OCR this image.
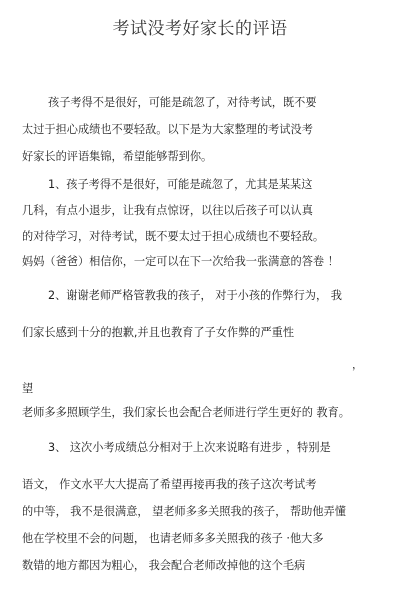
考试没考好家长的评语
孩子考得不是很好，可能是疏忽了，对待考试，既不要
太过于担心成绩也不要轻敌。以下是为大家整理的考试没考
好家长的评语集锦，希望能够帮到你。
1、孩子考得不是很好，可能是疏忽了，尤其是某某这
几科，有点小退步，让我有点惊讶，以往以后孩子可以认真
的对待学习，对待考试，既不要太过于担心成绩也不要轻敌。
妈妈（爸爸）相信你，一定可以在下一次给我一张满意的答卷 ！
2、谢谢老师严格管教我的孩子， 对于小孩的作弊行为， 我
们家长感到十分的抱歉,并且也教育了子女作弊的严重性
，
望
老师多多照顾学生，我们家长也会配合老师进行学生更好的 教育。
3、 这次小考成绩总分相对于上次来说略有进步 ，特别是
语文， 作文水平大大提高了希望再接再我的孩子这次考试考
的中等， 我不是很满意， 望老师多多关照我的孩子， 帮助他弄懂
他在学校里不会的问题， 也请老师多多关照我的孩子 ·他大多
数错的地方都因为粗心， 我会配合老师改掉他的这个毛病
